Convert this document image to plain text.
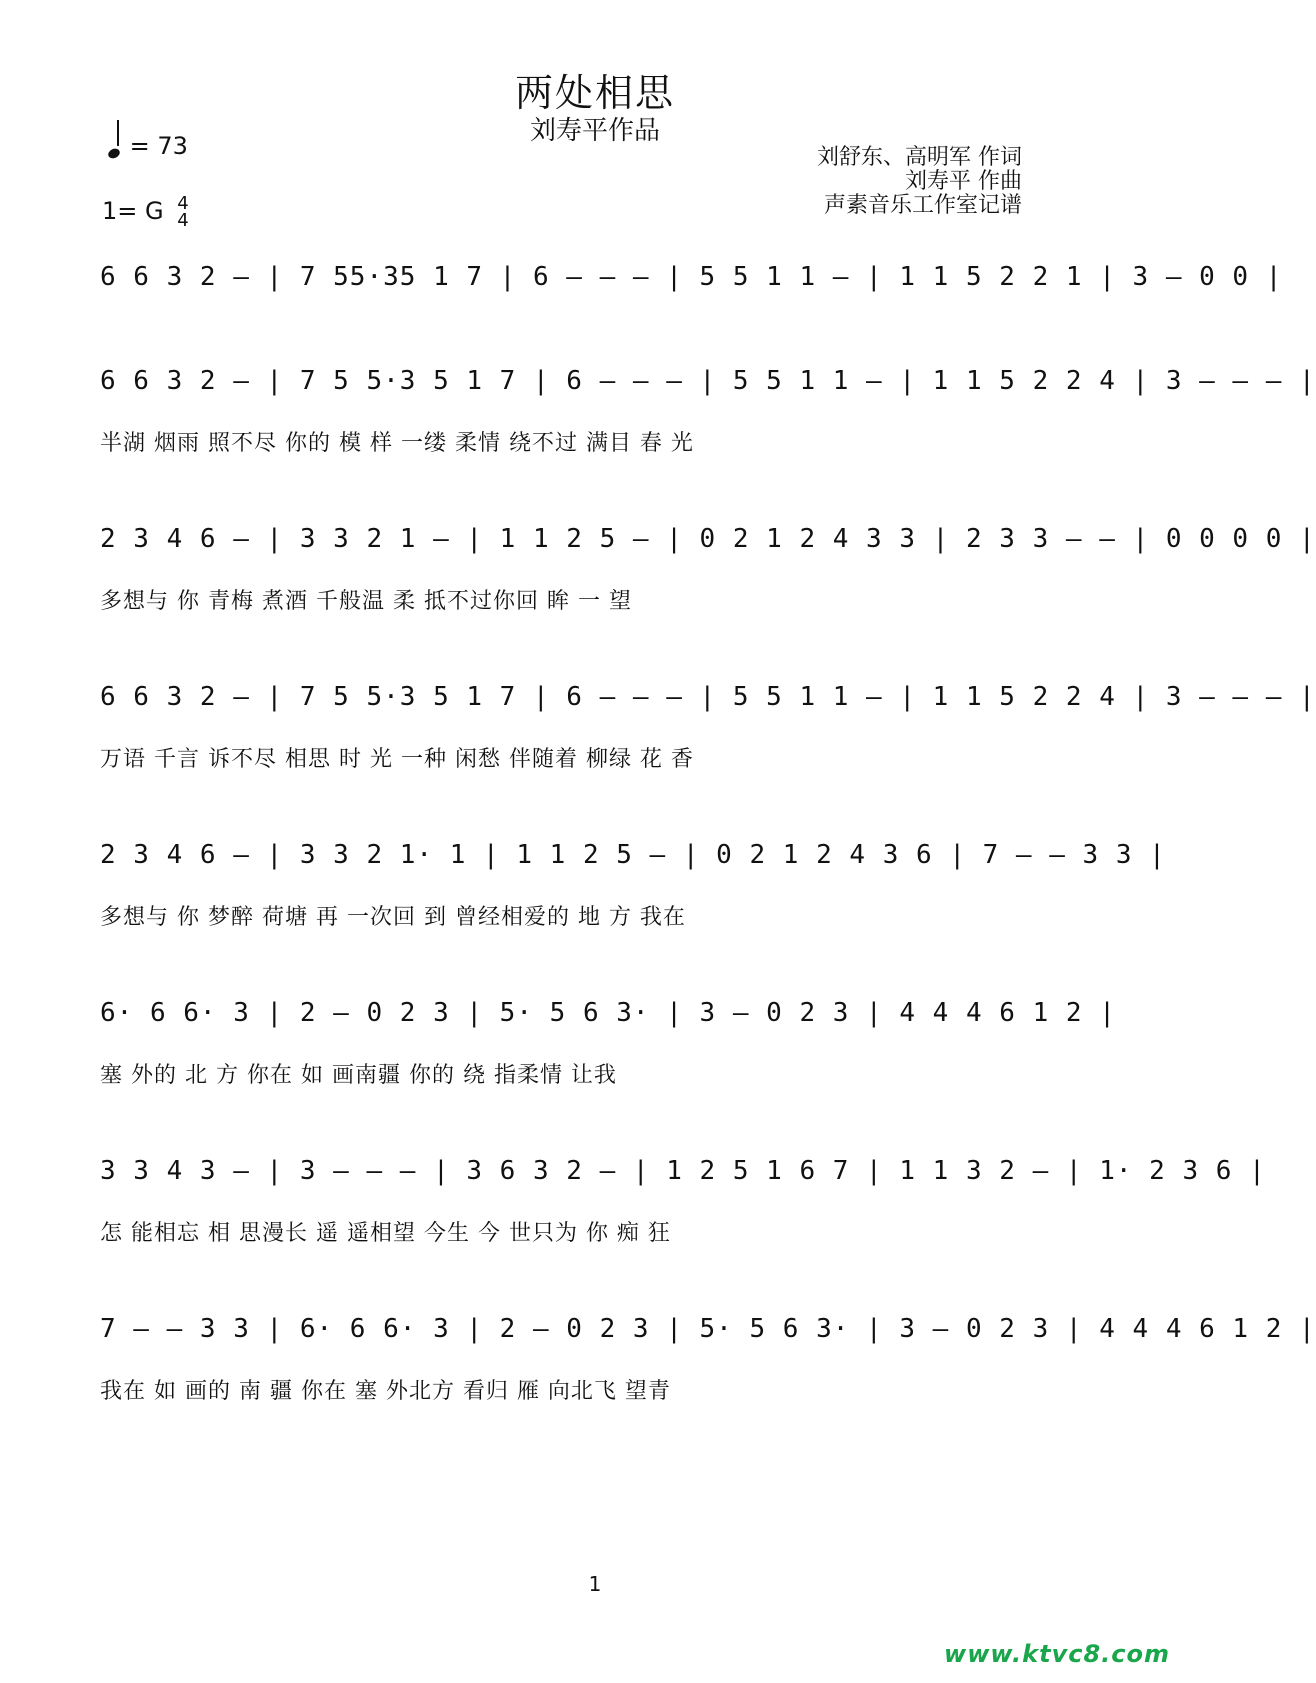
两处相思
刘寿平作品
= 73
1= G 4
4
刘舒东、高明军 作词
刘寿平 作曲
声素音乐工作室记谱
6 6 3 2 – | 7 55·35 1 7 | 6 – – – | 5 5 1 1 – | 1 1 5 2 2 1 | 3 – 0 0 |
6 6 3 2 – | 7 5 5·3 5 1 7 | 6 – – – | 5 5 1 1 – | 1 1 5 2 2 4 | 3 – – – |
半湖 烟雨 照不尽 你的 模 样 一缕 柔情 绕不过 满目 春 光
2 3 4 6 – | 3 3 2 1 – | 1 1 2 5 – | 0 2 1 2 4 3 3 | 2 3 3 – – | 0 0 0 0 |
多想与 你 青梅 煮酒 千般温 柔 抵不过你回 眸 一 望
6 6 3 2 – | 7 5 5·3 5 1 7 | 6 – – – | 5 5 1 1 – | 1 1 5 2 2 4 | 3 – – – |
万语 千言 诉不尽 相思 时 光 一种 闲愁 伴随着 柳绿 花 香
2 3 4 6 – | 3 3 2 1· 1 | 1 1 2 5 – | 0 2 1 2 4 3 6 | 7 – – 3 3 |
多想与 你 梦醉 荷塘 再 一次回 到 曾经相爱的 地 方 我在
6· 6 6· 3 | 2 – 0 2 3 | 5· 5 6 3· | 3 – 0 2 3 | 4 4 4 6 1 2 |
塞 外的 北 方 你在 如 画南疆 你的 绕 指柔情 让我
3 3 4 3 – | 3 – – – | 3 6 3 2 – | 1 2 5 1 6 7 | 1 1 3 2 – | 1· 2 3 6 |
怎 能相忘 相 思漫长 遥 遥相望 今生 今 世只为 你 痴 狂
7 – – 3 3 | 6· 6 6· 3 | 2 – 0 2 3 | 5· 5 6 3· | 3 – 0 2 3 | 4 4 4 6 1 2 |
我在 如 画的 南 疆 你在 塞 外北方 看归 雁 向北飞 望青
1
www.ktvc8.com
